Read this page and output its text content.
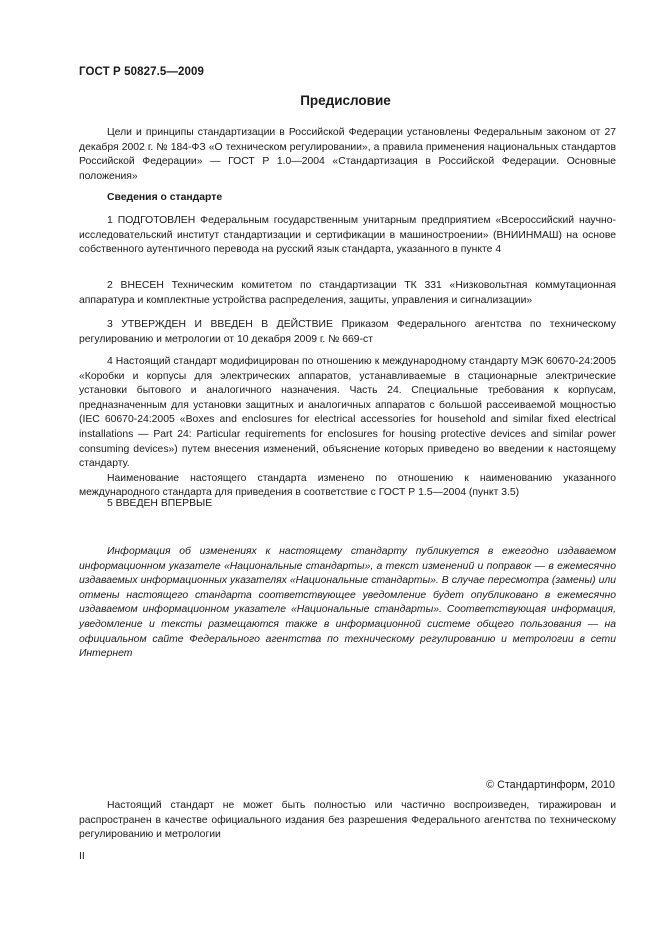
ГОСТ Р 50827.5—2009
Предисловие

Цели и принципы стандартизации в Российской Федерации установлены Федеральным законом от 27 декабря 2002 г. № 184-ФЗ «О техническом регулировании», а правила применения национальных стандартов Российской Федерации» — ГОСТ Р 1.0—2004 «Стандартизация в Российской Федерации. Основные положения»

Сведения о стандарте

1 ПОДГОТОВЛЕН Федеральным государственным унитарным предприятием «Всероссийский научно-исследовательский институт стандартизации и сертификации в машиностроении» (ВНИИНМАШ) на основе собственного аутентичного перевода на русский язык стандарта, указанного в пункте 4

2 ВНЕСЕН Техническим комитетом по стандартизации ТК 331 «Низковольтная коммутационная аппаратура и комплектные устройства распределения, защиты, управления и сигнализации»

3 УТВЕРЖДЕН И ВВЕДЕН В ДЕЙСТВИЕ Приказом Федерального агентства по техническому регулированию и метрологии от 10 декабря 2009 г. № 669-ст

4 Настоящий стандарт модифицирован по отношению к международному стандарту МЭК 60670-24:2005 «Коробки и корпусы для электрических аппаратов, устанавливаемые в стационарные электрические установки бытового и аналогичного назначения. Часть 24. Специальные требования к корпусам, предназначенным для установки защитных и аналогичных аппаратов с большой рассеиваемой мощностью (IEC 60670-24:2005 «Boxes and enclosures for electrical accessories for household and similar fixed electrical installations — Part 24: Particular requirements for enclosures for housing protective devices and similar power consuming devices») путем внесения изменений, объяснение которых приведено во введении к настоящему стандарту.

Наименование настоящего стандарта изменено по отношению к наименованию указанного международного стандарта для приведения в соответствие с ГОСТ Р 1.5—2004 (пункт 3.5)

5 ВВЕДЕН ВПЕРВЫЕ

Информация об изменениях к настоящему стандарту публикуется в ежегодно издаваемом информационном указателе «Национальные стандарты», а текст изменений и поправок — в ежемесячно издаваемых информационных указателях «Национальные стандарты». В случае пересмотра (замены) или отмены настоящего стандарта соответствующее уведомление будет опубликовано в ежемесячно издаваемом информационном указателе «Национальные стандарты». Соответствующая информация, уведомление и тексты размещаются также в информационной системе общего пользования — на официальном сайте Федерального агентства по техническому регулированию и метрологии в сети Интернет

© Стандартинформ, 2010

Настоящий стандарт не может быть полностью или частично воспроизведен, тиражирован и распространен в качестве официального издания без разрешения Федерального агентства по техническому регулированию и метрологии

II
